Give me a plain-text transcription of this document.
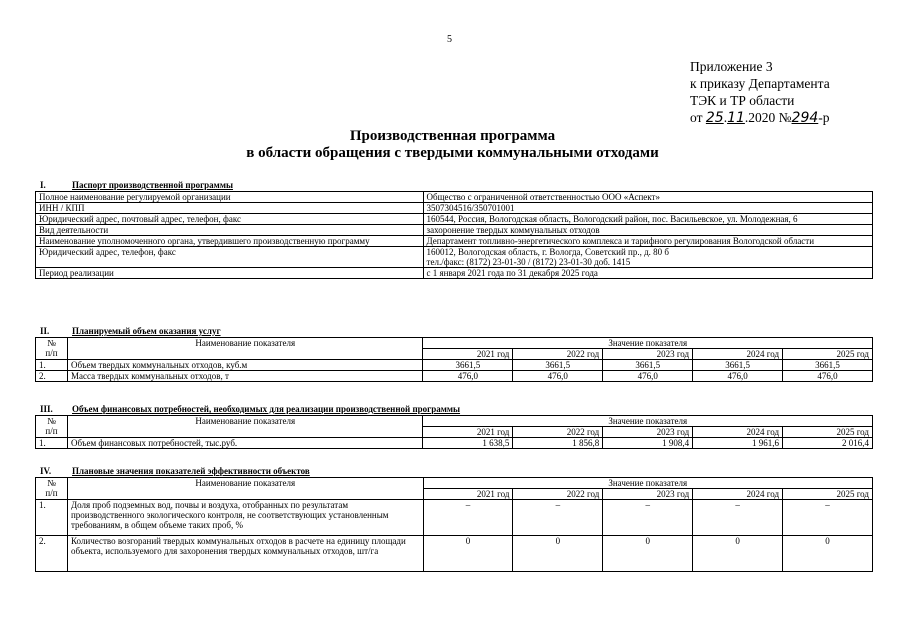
5
Приложение 3
к приказу Департамента
ТЭК и ТР области
от 25.11.2020 №294-р
Производственная программа
в области обращения с твердыми коммунальными отходами
I.	Паспорт производственной программы
Полное наименование регулируемой организации	Общество с ограниченной ответственностью ООО «Аспект»
ИНН / КПП	3507304516/350701001
Юридический адрес, почтовый адрес, телефон, факс	160544, Россия, Вологодская область, Вологодский район, пос. Васильевское, ул. Молодежная, 6
Вид деятельности	захоронение твердых коммунальных отходов
Наименование уполномоченного органа, утвердившего производственную программу	Департамент топливно-энергетического комплекса и тарифного регулирования Вологодской области
Юридический адрес, телефон, факс	160012, Вологодская область, г. Вологда, Советский пр., д. 80 б
тел./факс: (8172) 23-01-30 / (8172) 23-01-30 доб. 1415
Период реализации	с 1 января 2021 года по 31 декабря 2025 года
II.	Планируемый объем оказания услуг
№
п/п	Наименование показателя	Значение показателя				
		2021 год	2022 год	2023 год	2024 год	2025 год
1.	Объем твердых коммунальных отходов, куб.м	3661,5	3661,5	3661,5	3661,5	3661,5
2.	Масса твердых коммунальных отходов, т	476,0	476,0	476,0	476,0	476,0
III. Объем финансовых потребностей, необходимых для реализации производственной программы
№
п/п	Наименование показателя	Значение показателя				
		2021 год	2022 год	2023 год	2024 год	2025 год
1.	Объем финансовых потребностей, тыс.руб.	1 638,5	1 856,8	1 908,4	1 961,6	2 016,4
IV. Плановые значения показателей эффективности объектов
№
п/п	Наименование показателя	Значение показателя				
		2021 год	2022 год	2023 год	2024 год	2025 год
1.	Доля проб подземных вод, почвы и воздуха, отобранных по результатам производственного экологического контроля, не соответствующих установленным требованиям, в общем объеме таких проб, %	–	–	–	–	–
2.	Количество возгораний твердых коммунальных отходов в расчете на единицу площади объекта, используемого для захоронения твердых коммунальных отходов, шт/га	0	0	0	0	0
